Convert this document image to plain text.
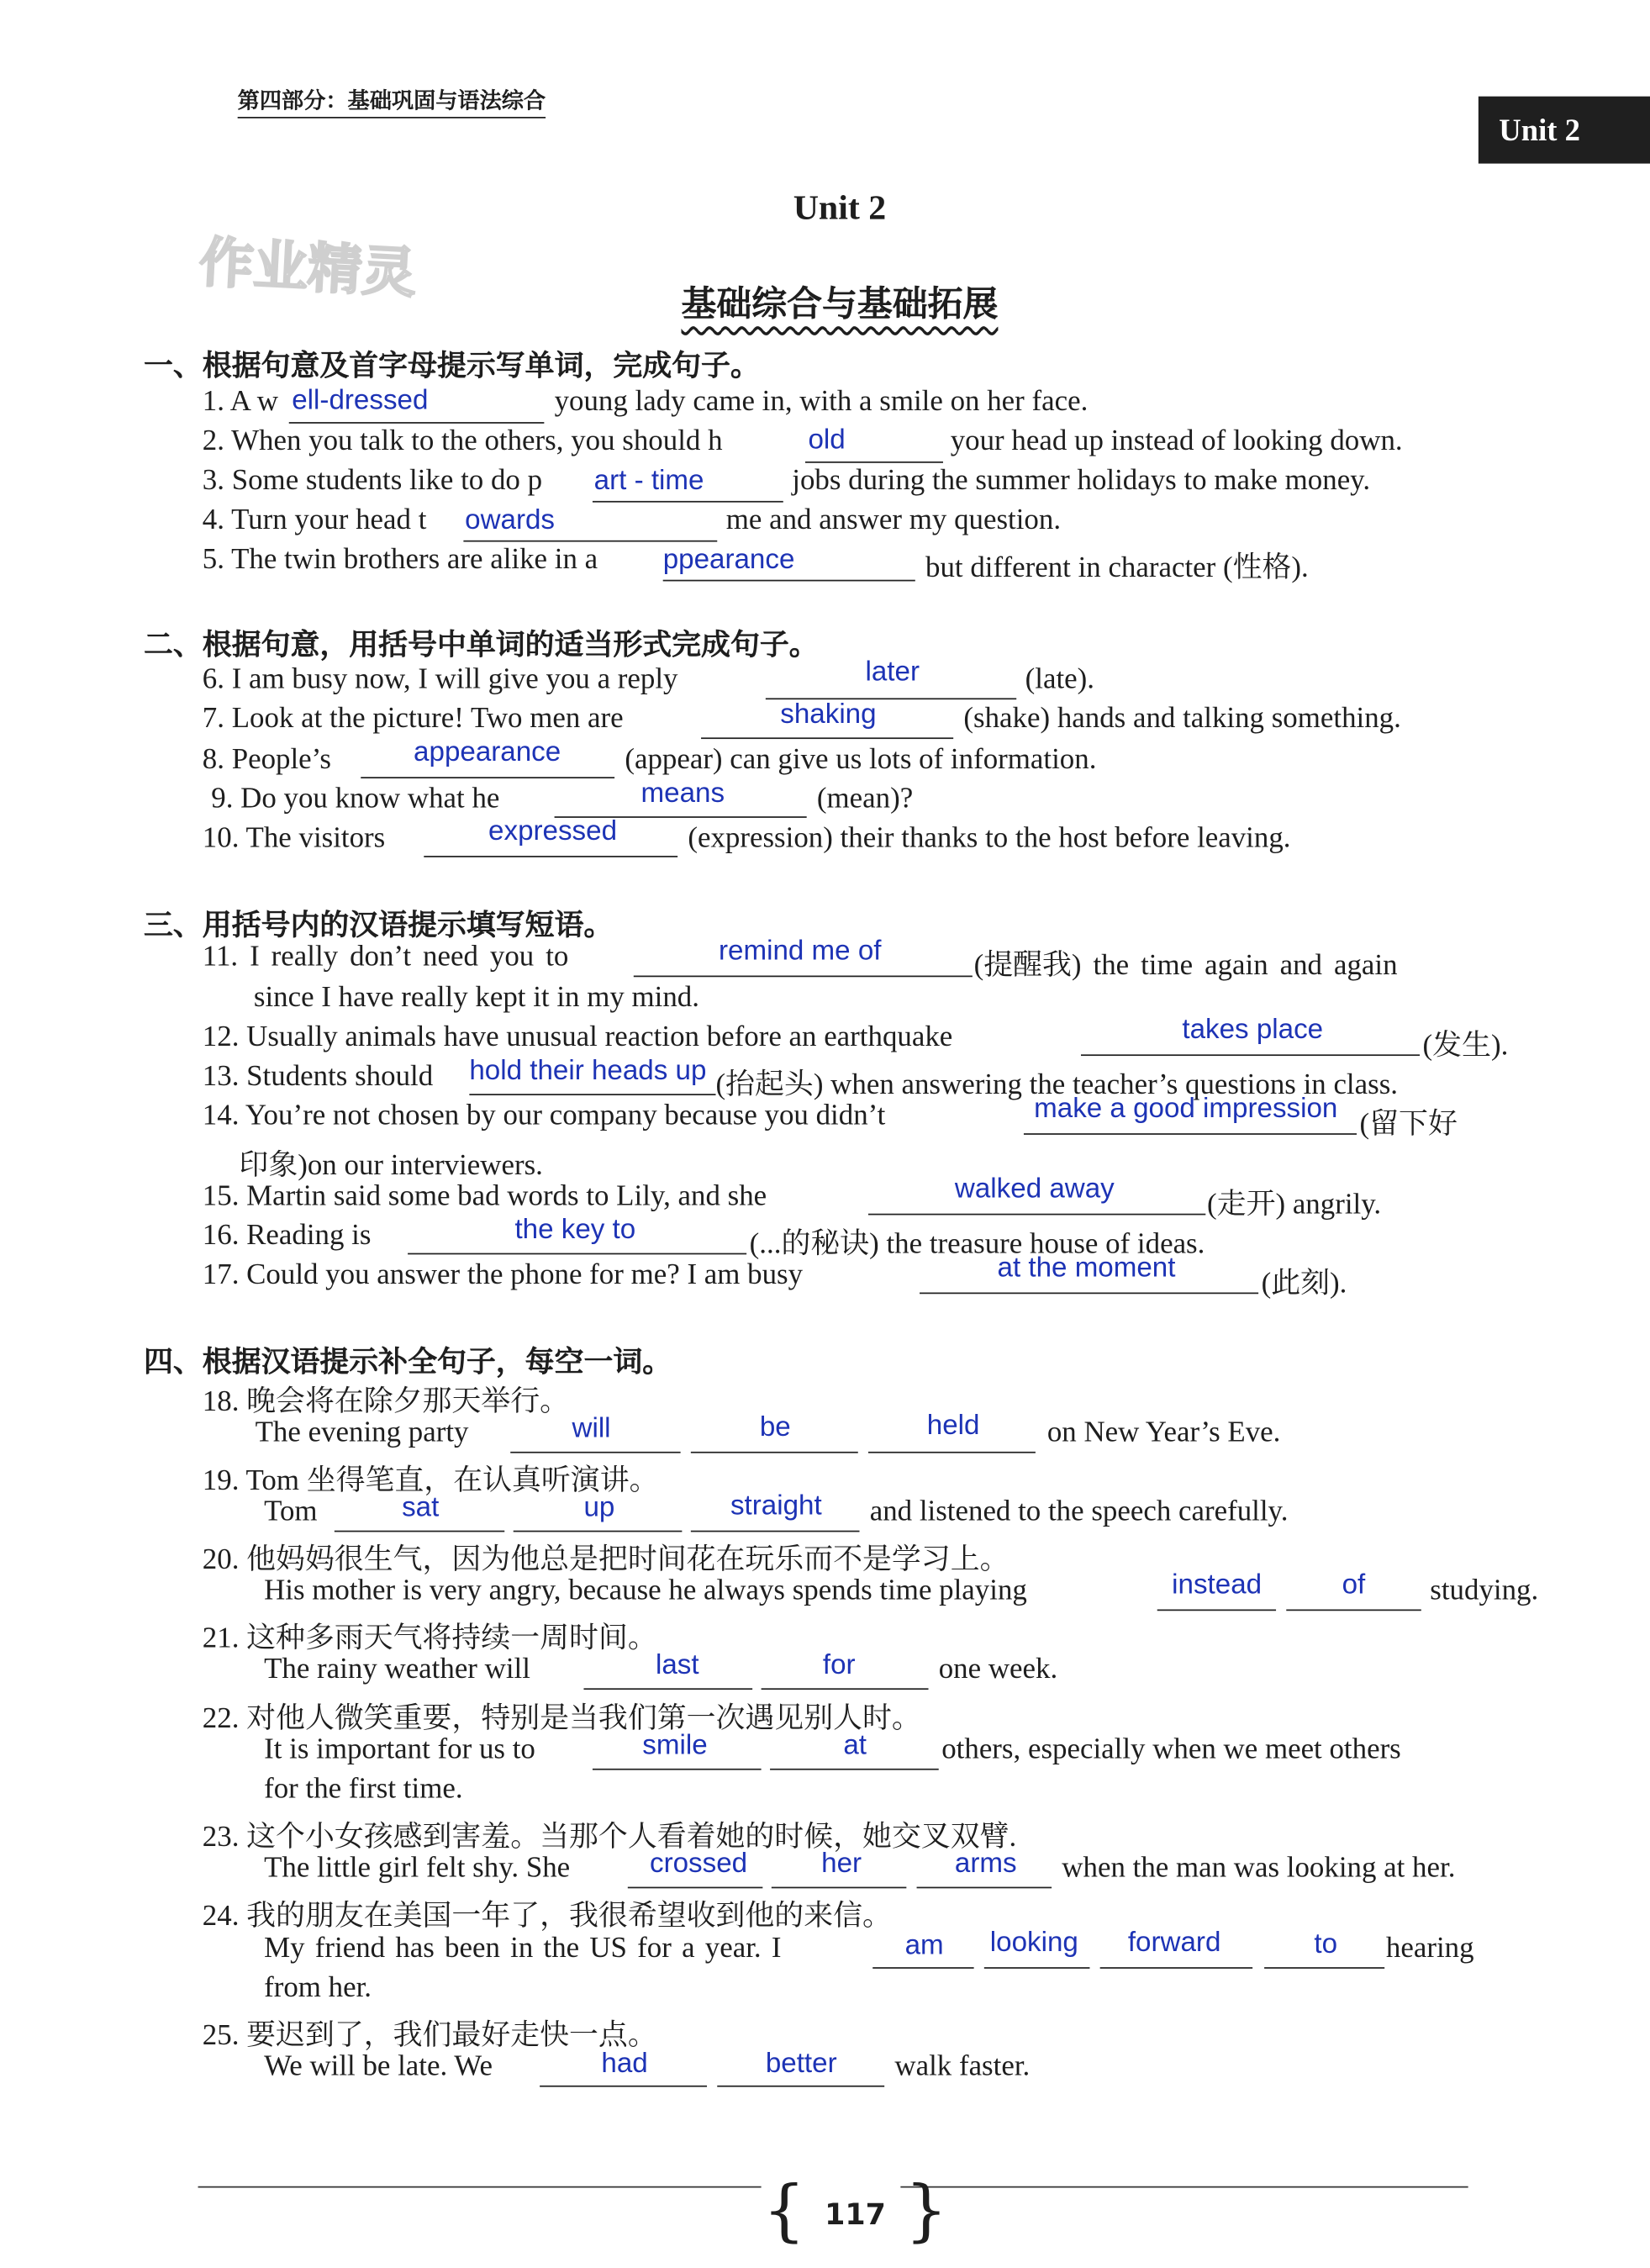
第四部分：基础巩固与语法综合
Unit 2
作业精灵
Unit 2
基础综合与基础拓展
一、根据句意及首字母提示写单词，完成句子。
1. A w ell-dressed	young lady came in, with a smile on her face.
2. When you talk to the others, you should h	old	your head up instead of looking down.
3. Some students like to do p	art - time	jobs during the summer holidays to make money.
4. Turn your head t owards	me and answer my question.
5. The twin brothers are alike in a	ppearance	but different in character (性格).
二、根据句意，用括号中单词的适当形式完成句子。
6. I am busy now, I will give you a reply	later	(late).
7. Look at the picture! Two men are	shaking	(shake) hands and talking something.
8. People’s	appearance	(appear) can give us lots of information.
9. Do you know what he	means	(mean)?
10. The visitors	expressed	(expression) their thanks to the host before leaving.
三、用括号内的汉语提示填写短语。
11. I really don’t need you to	remind me of	(提醒我) the time again and again
since I have really kept it in my mind.
12. Usually animals have unusual reaction before an earthquake	takes place	(发生).
13. Students should hold their heads up (抬起头) when answering the teacher’s questions in class.
14. You’re not chosen by our company because you didn’t	make a good impression (留下好
印象)on our interviewers.
15. Martin said some bad words to Lily, and she	walked away	(走开) angrily.
16. Reading is	the key to	(...的秘诀) the treasure house of ideas.
17. Could you answer the phone for me? I am busy	at the moment	(此刻).
四、根据汉语提示补全句子，每空一词。
18. 晚会将在除夕那天举行。
The evening party	will	be	held	on New Year’s Eve.
19. Tom 坐得笔直，在认真听演讲。
Tom	sat	up	straight	and listened to the speech carefully.
20. 他妈妈很生气，因为他总是把时间花在玩乐而不是学习上。
His mother is very angry, because he always spends time playing	instead	of	studying.
21. 这种多雨天气将持续一周时间。
The rainy weather will	last	for	one week.
22. 对他人微笑重要，特别是当我们第一次遇见别人时。
It is important for us to	smile	at	others, especially when we meet others
for the first time.
23. 这个小女孩感到害羞。当那个人看着她的时候，她交叉双臂.
The little girl felt shy. She	crossed	her	arms	when the man was looking at her.
24. 我的朋友在美国一年了，我很希望收到他的来信。
My friend has been in the US for a year. I	am	looking	forward	to	hearing
from her.
25. 要迟到了，我们最好走快一点。
We will be late. We	had	better	walk faster.
{ 117 }
